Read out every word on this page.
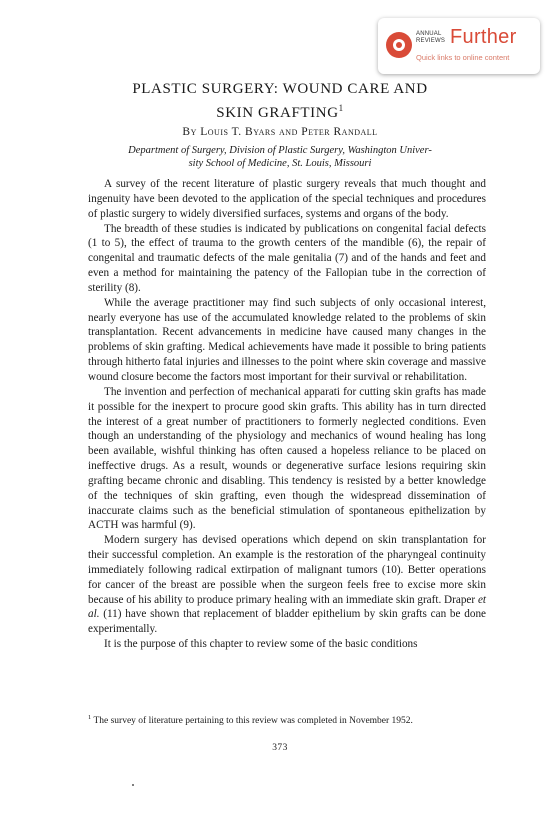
ANNUAL
REVIEWS Further
Quick links to online content
PLASTIC SURGERY: WOUND CARE AND
SKIN GRAFTING$^1$
By Louis T. Byars and Peter Randall
Department of Surgery, Division of Plastic Surgery, Washington Univer-
sity School of Medicine, St. Louis, Missouri

A survey of the recent literature of plastic surgery reveals that much thought and ingenuity have been devoted to the application of the special techniques and procedures of plastic surgery to widely diversified surfaces, systems and organs of the body.

The breadth of these studies is indicated by publications on congenital facial defects (1 to 5), the effect of trauma to the growth centers of the mandible (6), the repair of congenital and traumatic defects of the male genitalia (7) and of the hands and feet and even a method for maintaining the patency of the Fallopian tube in the correction of sterility (8).

While the average practitioner may find such subjects of only occasional interest, nearly everyone has use of the accumulated knowledge related to the problems of skin transplantation. Recent advancements in medicine have caused many changes in the problems of skin grafting. Medical achievements have made it possible to bring patients through hitherto fatal injuries and illnesses to the point where skin coverage and massive wound closure become the factors most important for their survival or rehabilitation.

The invention and perfection of mechanical apparati for cutting skin grafts has made it possible for the inexpert to procure good skin grafts. This ability has in turn directed the interest of a great number of practitioners to formerly neglected conditions. Even though an understanding of the physiology and mechanics of wound healing has long been available, wishful thinking has often caused a hopeless reliance to be placed on ineffective drugs. As a result, wounds or degenerative surface lesions requiring skin grafting became chronic and disabling. This tendency is resisted by a better knowledge of the techniques of skin grafting, even though the widespread dissemination of inaccurate claims such as the beneficial stimulation of spontaneous epithelization by ACTH was harmful (9).

Modern surgery has devised operations which depend on skin transplantation for their successful completion. An example is the restoration of the pharyngeal continuity immediately following radical extirpation of malignant tumors (10). Better operations for cancer of the breast are possible when the surgeon feels free to excise more skin because of his ability to produce primary healing with an immediate skin graft. Draper et al. (11) have shown that replacement of bladder epithelium by skin grafts can be done experimentally.

It is the purpose of this chapter to review some of the basic conditions

$^1$ The survey of literature pertaining to this review was completed in November 1952.
373
